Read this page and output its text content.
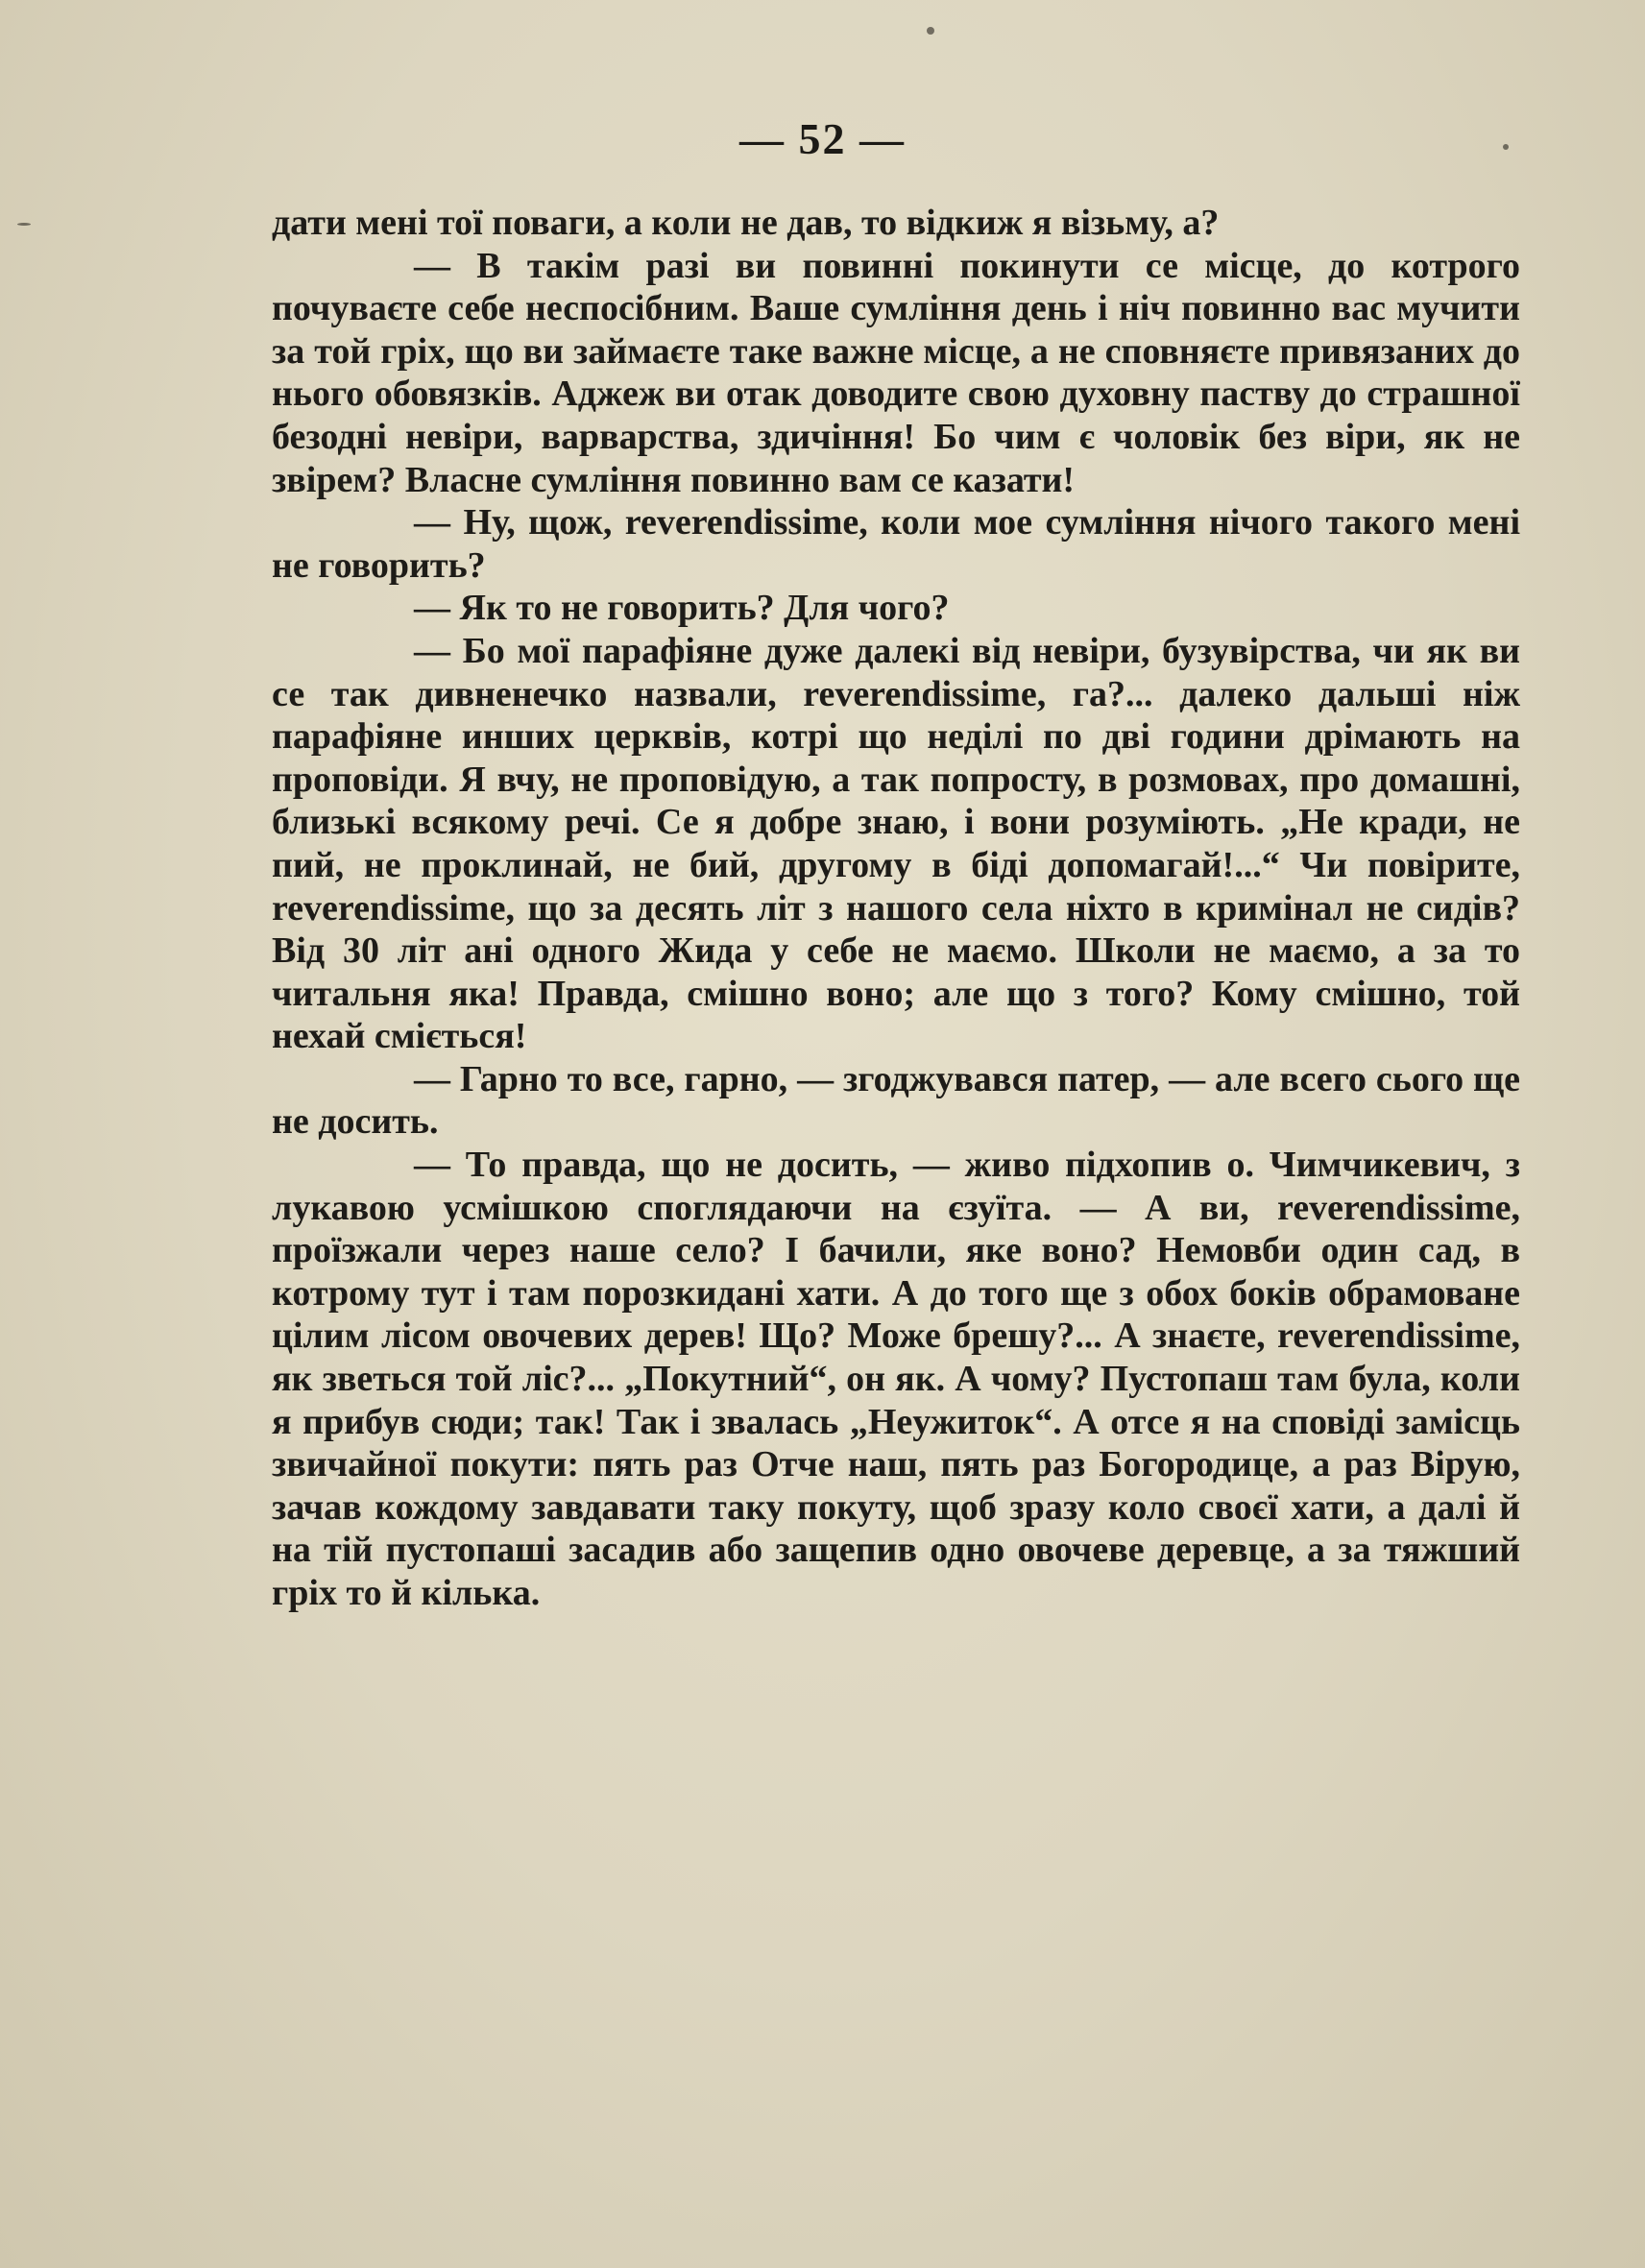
— 52 —

дати мені тої поваги, а коли не дав, то відкиж я візьму, а?

— В такім разі ви повинні покинути се місце, до котрого почуваєте себе неспосібним. Ваше сумління день і ніч повинно вас мучити за той гріх, що ви займаєте таке важне місце, а не сповняєте привязаних до нього обовязків. Аджеж ви отак доводите свою духовну паству до страшної безодні невіри, варварства, здичіння! Бо чим є чоловік без віри, як не звірем? Власне сумління повинно вам се казати!

— Ну, щож, reverendissime, коли мое сумління нічого такого мені не говорить?

— Як то не говорить? Для чого?

— Бо мої парафіяне дуже далекі від невіри, бузувірства, чи як ви се так дивненечко назвали, reverendissime, га?... далеко дальші ніж парафіяне инших церквів, котрі що неділі по дві години дрімають на проповіди. Я вчу, не проповідую, а так попросту, в розмовах, про домашні, близькі всякому речі. Се я добре знаю, і вони розуміють. „Не кради, не пий, не проклинай, не бий, другому в біді допомагай!...“ Чи повірите, reverendissime, що за десять літ з нашого села ніхто в кримінал не сидів? Від 30 літ ані одного Жида у себе не маємо. Школи не маємо, а за то читальня яка! Правда, смішно воно; але що з того? Кому смішно, той нехай сміється!

— Гарно то все, гарно, — згоджувався патер, — але всего сього ще не досить.

— То правда, що не досить, — живо підхопив о. Чимчикевич, з лукавою усмішкою споглядаючи на єзуїта. — А ви, reverendissime, проїзжали через наше село? І бачили, яке воно? Немовби один сад, в котрому тут і там порозкидані хати. А до того ще з обох боків обрамоване цілим лісом овочевих дерев! Що? Може брешу?... А знаєте, reverendissime, як зветься той ліс?... „Покутний“, он як. А чому? Пустопаш там була, коли я прибув сюди; так! Так і звалась „Нeужиток“. А отсе я на сповіді замісць звичайної покути: пять раз Отче наш, пять раз Богородице, а раз Вірую, зачав кождому завдавати таку покуту, щоб зразу коло своєї хати, а далі й на тій пустопаші засадив або защепив одно овочеве деревце, а за тяжший гріх то й кілька.
